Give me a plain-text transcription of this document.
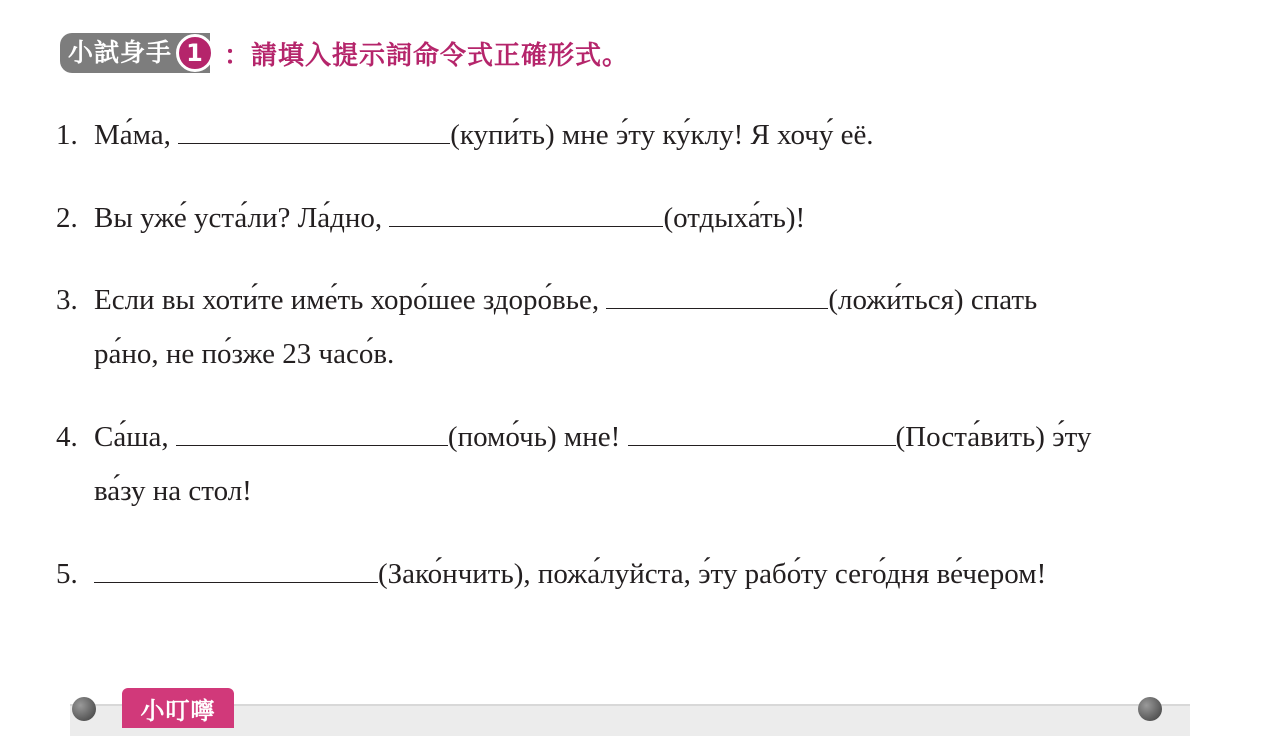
小試身手 1 ：請填入提示詞命令式正確形式。
1. Ма́ма,	(купи́ть) мне э́ту ку́клу! Я хочу́ её.
2. Вы уже́ уста́ли? Ла́дно,	(отдыха́ть)!
3. Если вы хоти́те име́ть хоро́шее здоро́вье,	(ложи́ться) спать
ра́но, не по́зже 23 часо́в.
4. Са́ша,	(помо́чь) мне!	(Поста́вить) э́ту
ва́зу на стол!
5.	(Зако́нчить), пожа́луйста, э́ту рабо́ту сего́дня ве́чером!
小叮嚀
